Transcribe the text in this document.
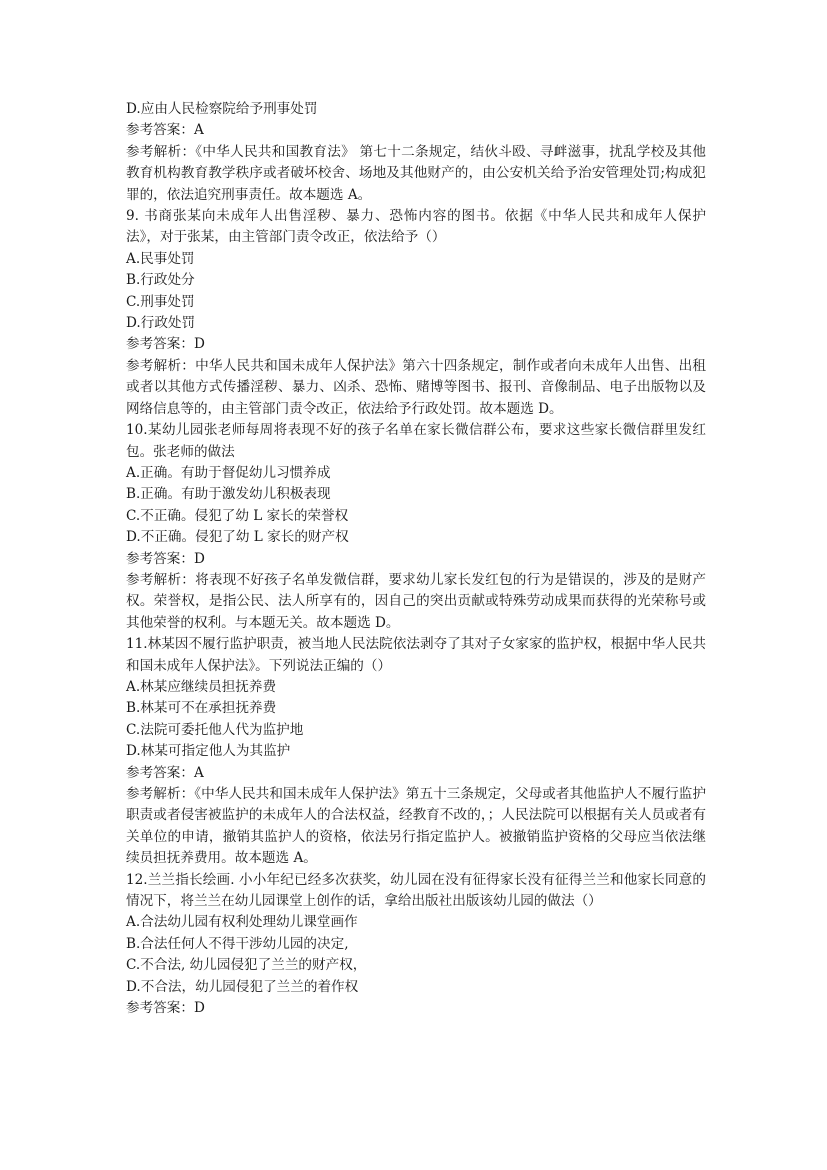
D.应由人民检察院给予刑事处罚
参考答案：A
参考解析：《中华人民共和国教育法》 第七十二条规定，结伙斗殴、寻衅滋事，扰乱学校及其他教育机构教育教学秩序或者破坏校舍、场地及其他财产的，由公安机关给予治安管理处罚;构成犯罪的，依法追究刑事责任。故本题选 A。
9. 书商张某向未成年人出售淫秽、暴力、恐怖内容的图书。依据《中华人民共和成年人保护法》，对于张某，由主管部门责令改正，依法给予（）
A.民事处罚
B.行政处分
C.刑事处罚
D.行政处罚
参考答案：D
参考解析：中华人民共和国未成年人保护法》第六十四条规定，制作或者向未成年人出售、出租或者以其他方式传播淫秽、暴力、凶杀、恐怖、赌博等图书、报刊、音像制品、电子出版物以及网络信息等的，由主管部门责令改正，依法给予行政处罚。故本题选 D。
10.某幼儿园张老师每周将表现不好的孩子名单在家长微信群公布，要求这些家长微信群里发红包。张老师的做法
A.正确。有助于督促幼儿习惯养成
B.正确。有助于激发幼儿积极表现
C.不正确。侵犯了幼 L 家长的荣誉权
D.不正确。侵犯了幼 L 家长的财产权
参考答案：D
参考解析：将表现不好孩子名单发微信群，要求幼儿家长发红包的行为是错误的，涉及的是财产权。荣誉权，是指公民、法人所享有的，因自己的突出贡献或特殊劳动成果而获得的光荣称号或其他荣誉的权利。与本题无关。故本题选 D。
11.林某因不履行监护职责，被当地人民法院依法剥夺了其对子女家家的监护权，根据中华人民共和国未成年人保护法》。下列说法正编的（）
A.林某应继续员担抚养费
B.林某可不在承担抚养费
C.法院可委托他人代为监护地
D.林某可指定他人为其监护
参考答案：A
参考解析：《中华人民共和国未成年人保护法》第五十三条规定，父母或者其他监护人不履行监护职责或者侵害被监护的未成年人的合法权益，经教育不改的，；人民法院可以根据有关人员或者有关单位的申请，撤销其监护人的资格，依法另行指定监护人。被撤销监护资格的父母应当依法继续员担抚养费用。故本题选 A。
12.兰兰指长绘画. 小小年纪已经多次获奖，幼儿园在没有征得家长没有征得兰兰和他家长同意的情况下，将兰兰在幼儿园课堂上创作的话，拿给出版社出版该幼儿园的做法（）
A.合法幼儿园有权利处理幼儿课堂画作
B.合法任何人不得干涉幼儿园的决定,
C.不合法, 幼儿园侵犯了兰兰的财产权，
D.不合法，幼儿园侵犯了兰兰的着作权
参考答案：D
